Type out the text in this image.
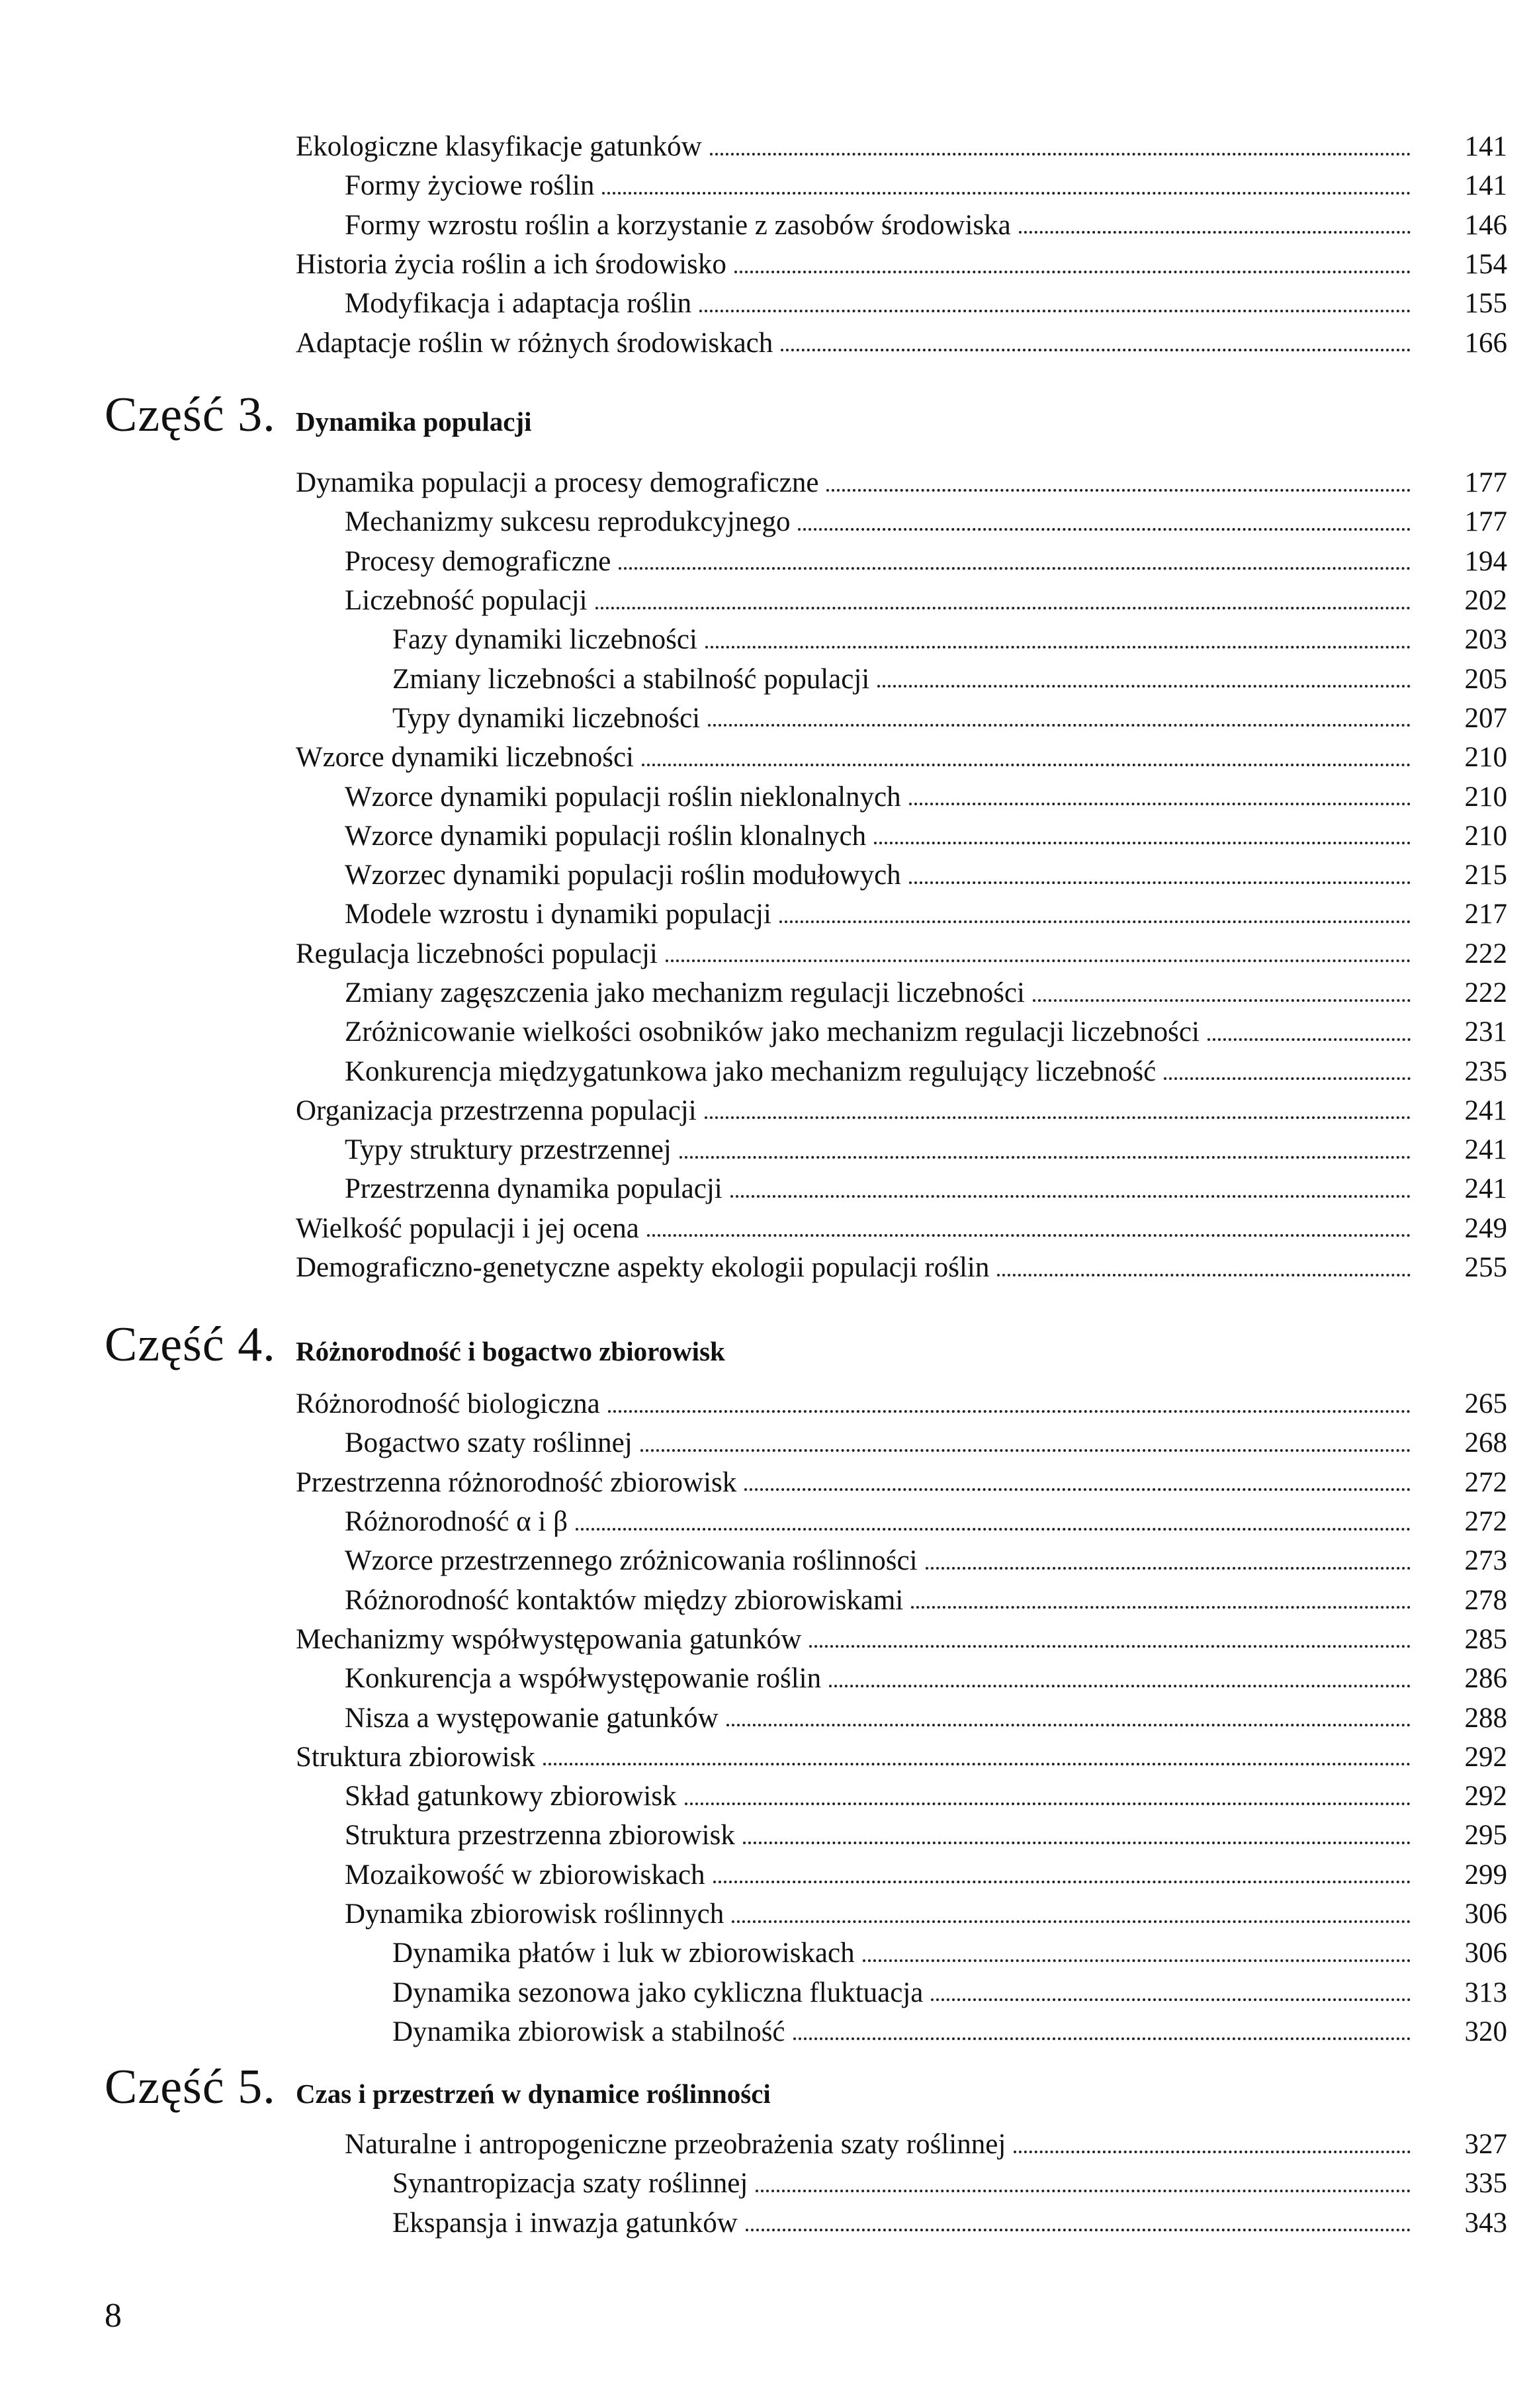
Część 3. Dynamika populacji
Część 4. Różnorodność i bogactwo zbiorowisk
Część 5. Czas i przestrzeń w dynamice roślinności
Ekologiczne klasyfikacje gatunków	141
Formy życiowe roślin	141
Formy wzrostu roślin a korzystanie z zasobów środowiska	146
Historia życia roślin a ich środowisko	154
Modyfikacja i adaptacja roślin	155
Adaptacje roślin w różnych środowiskach	166
Dynamika populacji a procesy demograficzne	177
Mechanizmy sukcesu reprodukcyjnego	177
Procesy demograficzne	194
Liczebność populacji	202
Fazy dynamiki liczebności	203
Zmiany liczebności a stabilność populacji	205
Typy dynamiki liczebności	207
Wzorce dynamiki liczebności	210
Wzorce dynamiki populacji roślin nieklonalnych	210
Wzorce dynamiki populacji roślin klonalnych	210
Wzorzec dynamiki populacji roślin modułowych	215
Modele wzrostu i dynamiki populacji	217
Regulacja liczebności populacji	222
Zmiany zagęszczenia jako mechanizm regulacji liczebności	222
Zróżnicowanie wielkości osobników jako mechanizm regulacji liczebności	231
Konkurencja międzygatunkowa jako mechanizm regulujący liczebność	235
Organizacja przestrzenna populacji	241
Typy struktury przestrzennej	241
Przestrzenna dynamika populacji	241
Wielkość populacji i jej ocena	249
Demograficzno-genetyczne aspekty ekologii populacji roślin	255
Różnorodność biologiczna	265
Bogactwo szaty roślinnej	268
Przestrzenna różnorodność zbiorowisk	272
Różnorodność α i β	272
Wzorce przestrzennego zróżnicowania roślinności	273
Różnorodność kontaktów między zbiorowiskami	278
Mechanizmy współwystępowania gatunków	285
Konkurencja a współwystępowanie roślin	286
Nisza a występowanie gatunków	288
Struktura zbiorowisk	292
Skład gatunkowy zbiorowisk	292
Struktura przestrzenna zbiorowisk	295
Mozaikowość w zbiorowiskach	299
Dynamika zbiorowisk roślinnych	306
Dynamika płatów i luk w zbiorowiskach	306
Dynamika sezonowa jako cykliczna fluktuacja	313
Dynamika zbiorowisk a stabilność	320
Naturalne i antropogeniczne przeobrażenia szaty roślinnej	327
Synantropizacja szaty roślinnej	335
Ekspansja i inwazja gatunków	343
8
